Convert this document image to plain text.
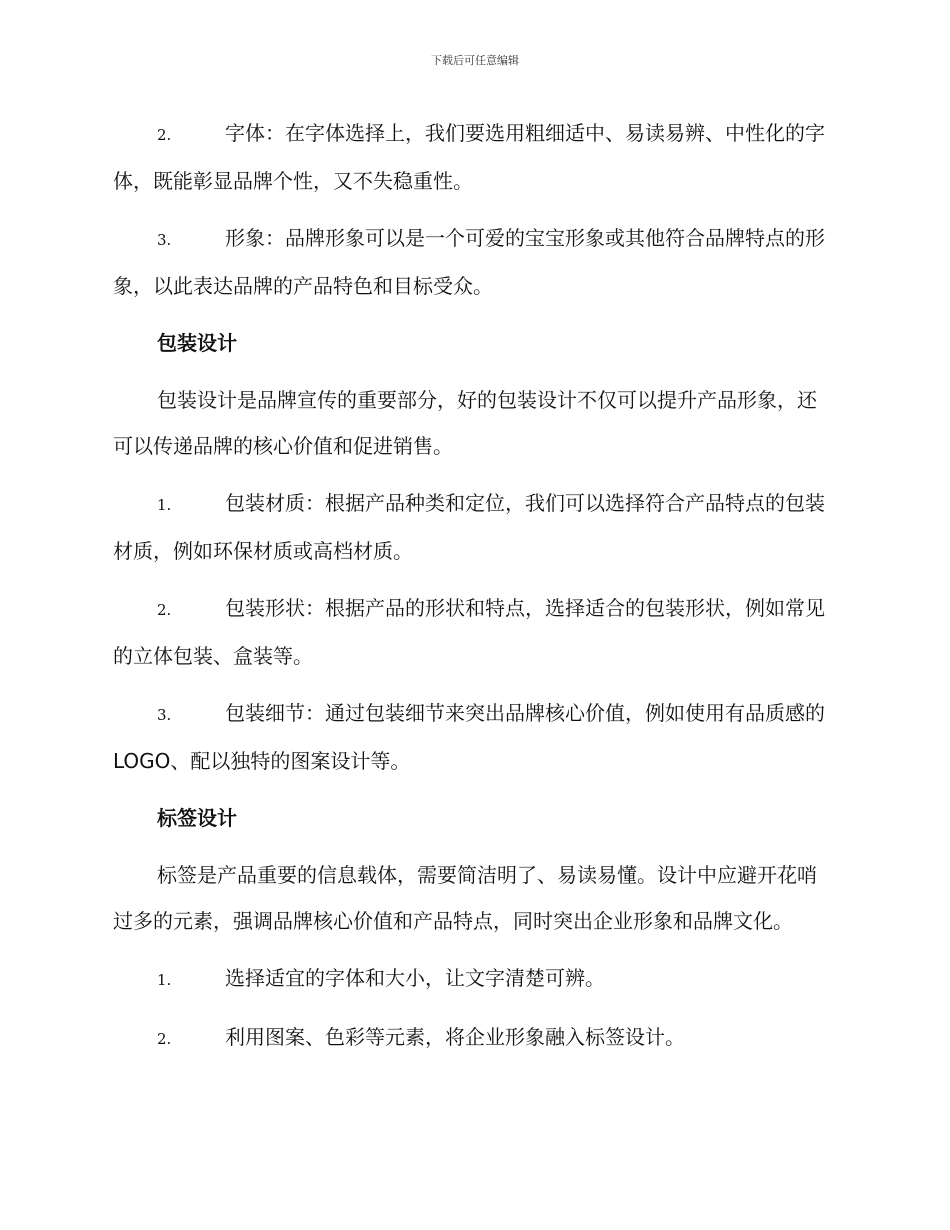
下载后可任意编辑
2.	字体：在字体选择上，我们要选用粗细适中、易读易辨、中性化的字体，既能彰显品牌个性，又不失稳重性。
3.	形象：品牌形象可以是一个可爱的宝宝形象或其他符合品牌特点的形象，以此表达品牌的产品特色和目标受众。
包装设计
包装设计是品牌宣传的重要部分，好的包装设计不仅可以提升产品形象，还可以传递品牌的核心价值和促进销售。
1.	包装材质：根据产品种类和定位，我们可以选择符合产品特点的包装材质，例如环保材质或高档材质。
2.	包装形状：根据产品的形状和特点，选择适合的包装形状，例如常见的立体包装、盒装等。
3.	包装细节：通过包装细节来突出品牌核心价值，例如使用有品质感的 LOGO、配以独特的图案设计等。
标签设计
标签是产品重要的信息载体，需要简洁明了、易读易懂。设计中应避开花哨过多的元素，强调品牌核心价值和产品特点，同时突出企业形象和品牌文化。
1.	选择适宜的字体和大小，让文字清楚可辨。
2.	利用图案、色彩等元素，将企业形象融入标签设计。
